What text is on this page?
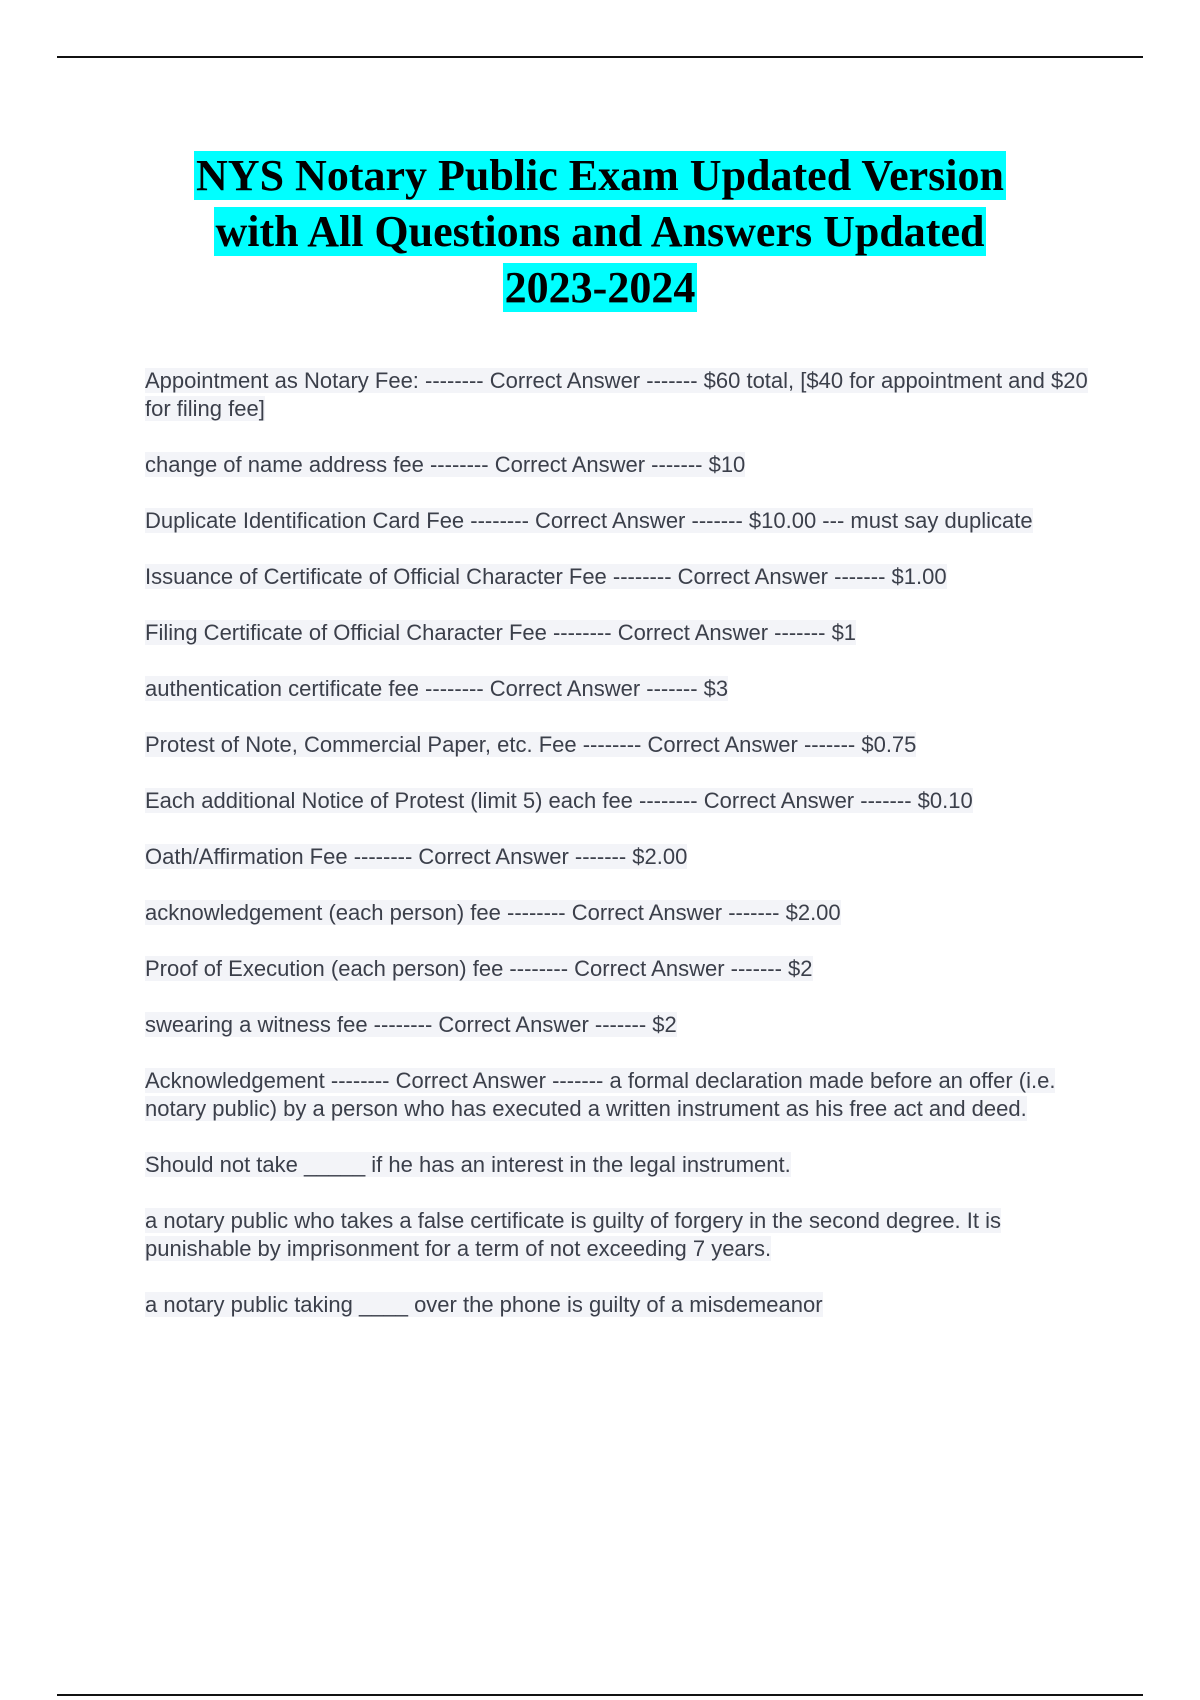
NYS Notary Public Exam Updated Version
with All Questions and Answers Updated
2023-2024
Appointment as Notary Fee: -------- Correct Answer ------- $60 total, [$40 for appointment and $20 for filing fee]
change of name address fee -------- Correct Answer ------- $10
Duplicate Identification Card Fee -------- Correct Answer ------- $10.00 --- must say duplicate
Issuance of Certificate of Official Character Fee -------- Correct Answer ------- $1.00
Filing Certificate of Official Character Fee -------- Correct Answer ------- $1
authentication certificate fee -------- Correct Answer ------- $3
Protest of Note, Commercial Paper, etc. Fee -------- Correct Answer ------- $0.75
Each additional Notice of Protest (limit 5) each fee -------- Correct Answer ------- $0.10
Oath/Affirmation Fee -------- Correct Answer ------- $2.00
acknowledgement (each person) fee -------- Correct Answer ------- $2.00
Proof of Execution (each person) fee -------- Correct Answer ------- $2
swearing a witness fee -------- Correct Answer ------- $2
Acknowledgement -------- Correct Answer ------- a formal declaration made before an offer (i.e. notary public) by a person who has executed a written instrument as his free act and deed.
Should not take _____ if he has an interest in the legal instrument.
a notary public who takes a false certificate is guilty of forgery in the second degree. It is punishable by imprisonment for a term of not exceeding 7 years.
a notary public taking ____ over the phone is guilty of a misdemeanor
